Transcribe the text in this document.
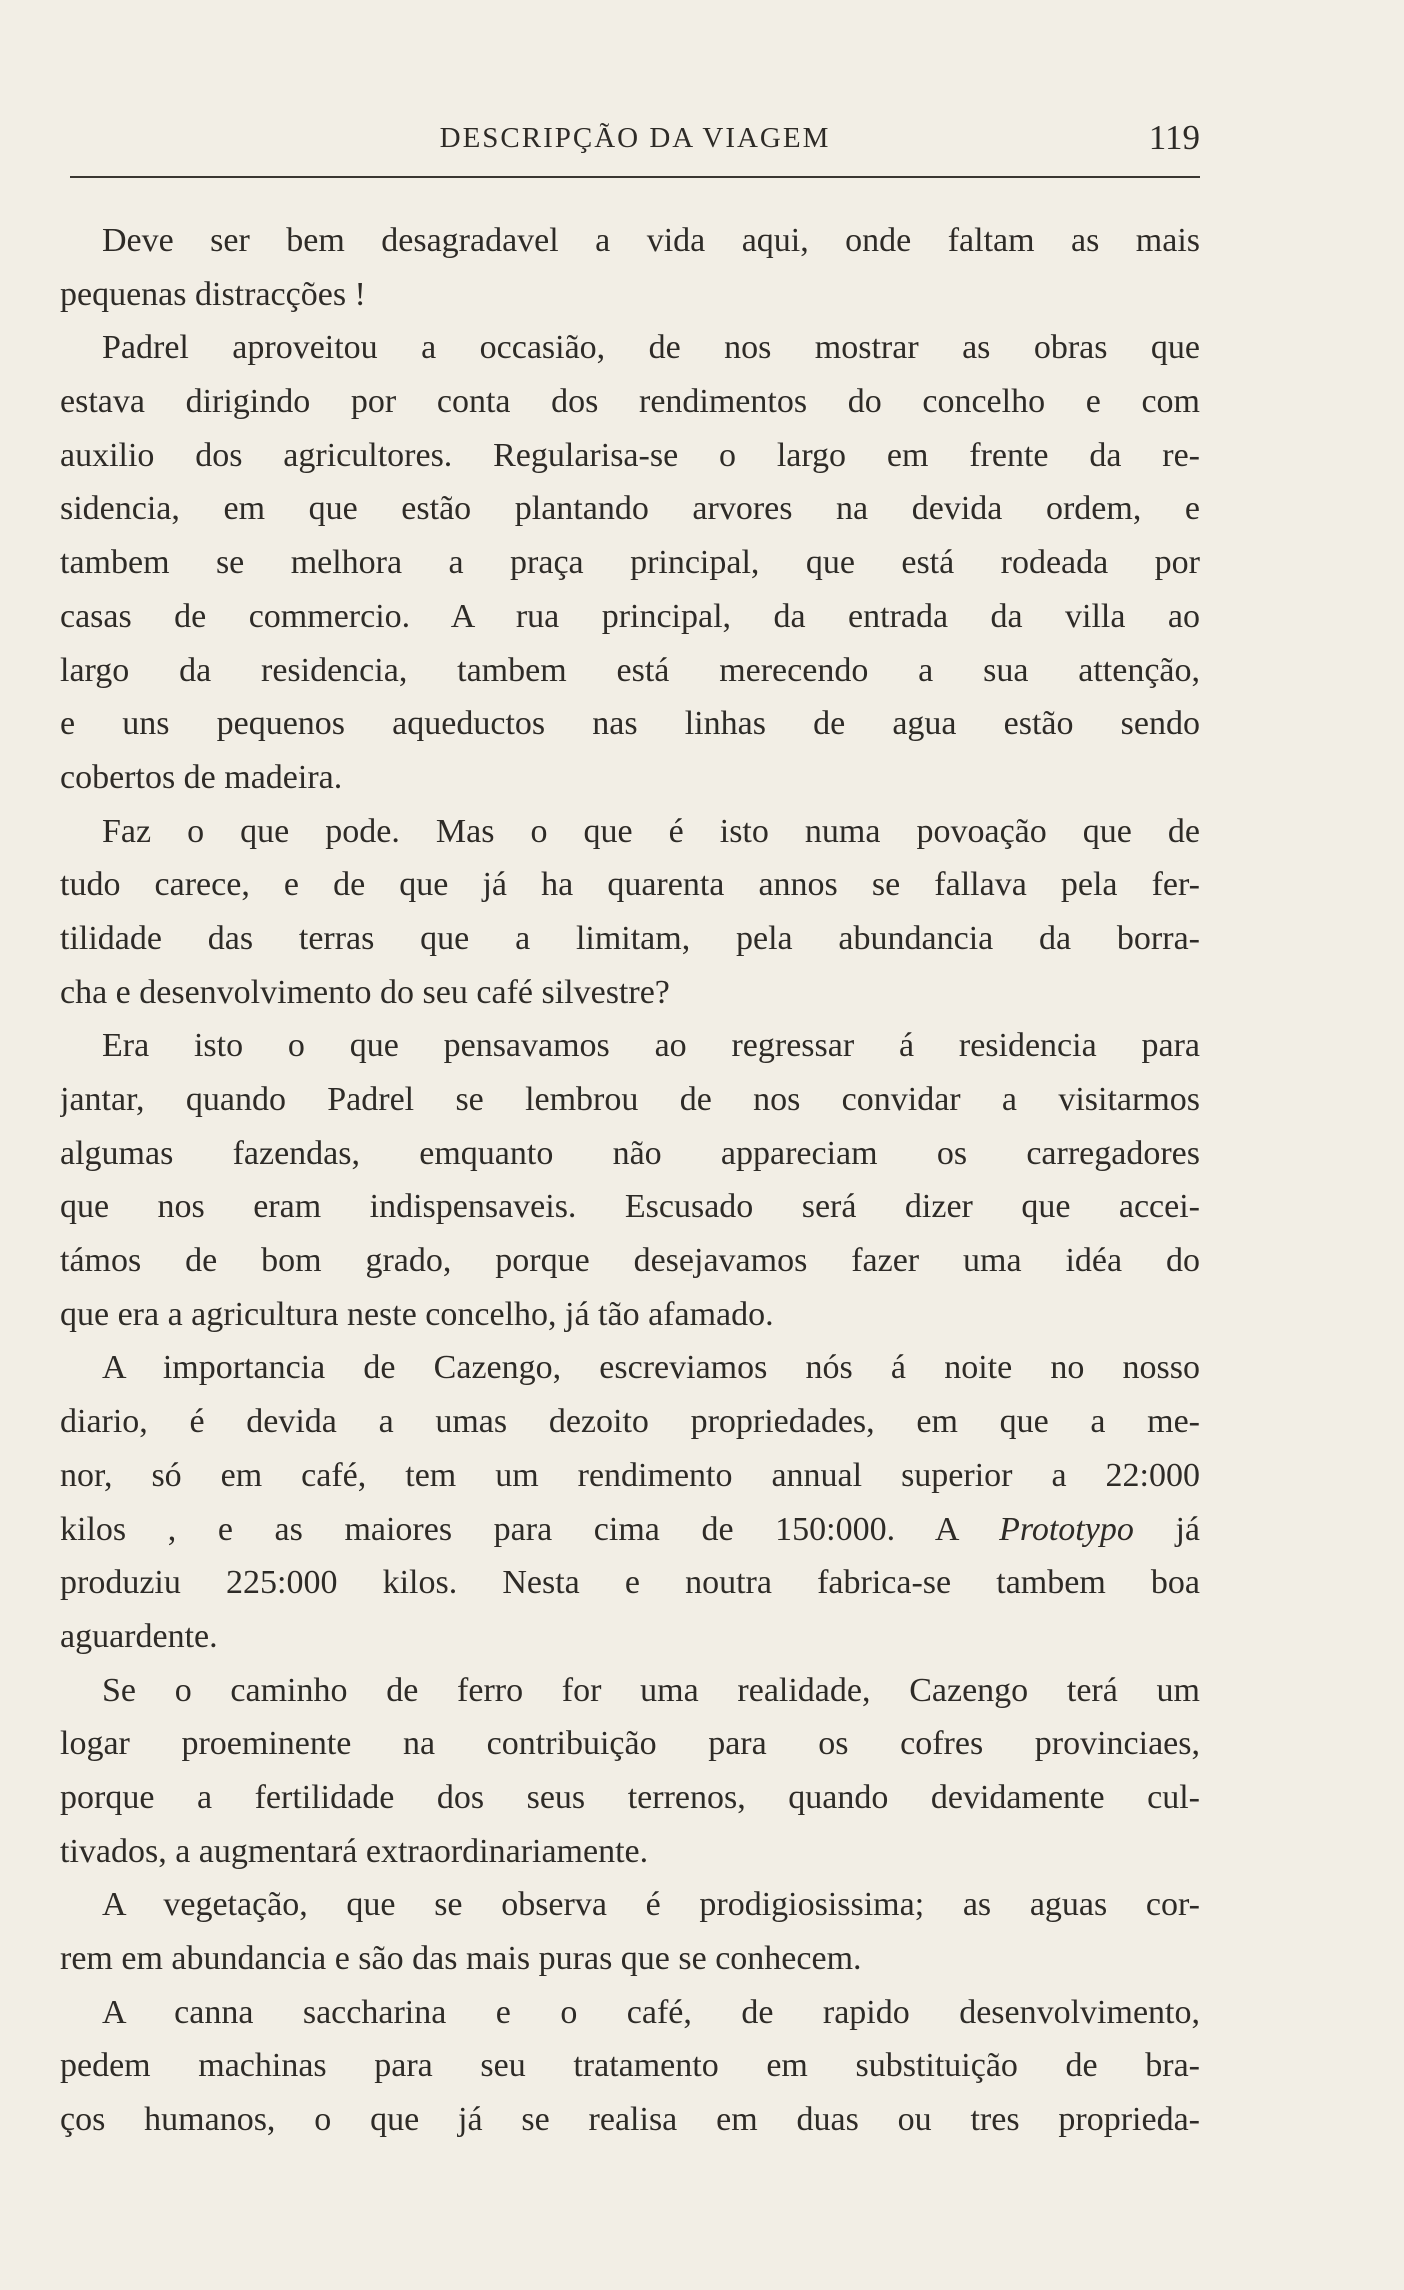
DESCRIPÇÃO DA VIAGEM	119
Deve ser bem desagradavel a vida aqui, onde faltam as mais
pequenas distracções !
Padrel aproveitou a occasião, de nos mostrar as obras que
estava dirigindo por conta dos rendimentos do concelho e com
auxilio dos agricultores. Regularisa-se o largo em frente da re-
sidencia, em que estão plantando arvores na devida ordem, e
tambem se melhora a praça principal, que está rodeada por
casas de commercio. A rua principal, da entrada da villa ao
largo da residencia, tambem está merecendo a sua attenção,
e uns pequenos aqueductos nas linhas de agua estão sendo
cobertos de madeira.
Faz o que pode. Mas o que é isto numa povoação que de
tudo carece, e de que já ha quarenta annos se fallava pela fer-
tilidade das terras que a limitam, pela abundancia da borra-
cha e desenvolvimento do seu café silvestre?
Era isto o que pensavamos ao regressar á residencia para
jantar, quando Padrel se lembrou de nos convidar a visitarmos
algumas fazendas, emquanto não appareciam os carregadores
que nos eram indispensaveis. Escusado será dizer que accei-
támos de bom grado, porque desejavamos fazer uma idéa do
que era a agricultura neste concelho, já tão afamado.
A importancia de Cazengo, escreviamos nós á noite no nosso
diario, é devida a umas dezoito propriedades, em que a me-
nor, só em café, tem um rendimento annual superior a 22:000
kilos , e as maiores para cima de 150:000. A Prototypo já
produziu 225:000 kilos. Nesta e noutra fabrica-se tambem boa
aguardente.
Se o caminho de ferro for uma realidade, Cazengo terá um
logar proeminente na contribuição para os cofres provinciaes,
porque a fertilidade dos seus terrenos, quando devidamente cul-
tivados, a augmentará extraordinariamente.
A vegetação, que se observa é prodigiosissima; as aguas cor-
rem em abundancia e são das mais puras que se conhecem.
A canna saccharina e o café, de rapido desenvolvimento,
pedem machinas para seu tratamento em substituição de bra-
ços humanos, o que já se realisa em duas ou tres proprieda-
